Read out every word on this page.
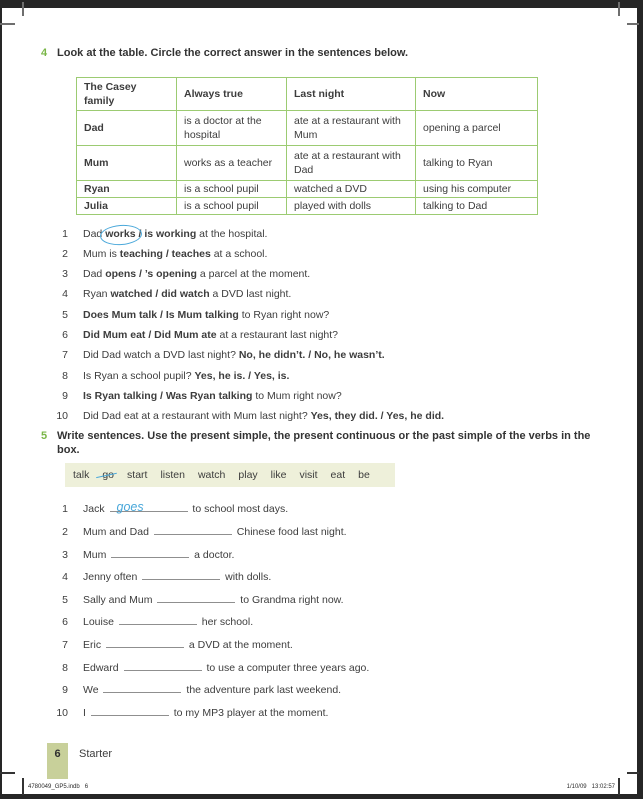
4 Look at the table. Circle the correct answer in the sentences below.
The Casey family	Always true	Last night	Now
Dad	is a doctor at the hospital	ate at a restaurant with Mum	opening a parcel
Mum	works as a teacher	ate at a restaurant with Dad	talking to Ryan
Ryan	is a school pupil	watched a DVD	using his computer
Julia	is a school pupil	played with dolls	talking to Dad
1 Dad works / is working at the hospital.
2 Mum is teaching / teaches at a school.
3 Dad opens / ’s opening a parcel at the moment.
4 Ryan watched / did watch a DVD last night.
5 Does Mum talk / Is Mum talking to Ryan right now?
6 Did Mum eat / Did Mum ate at a restaurant last night?
7 Did Dad watch a DVD last night? No, he didn’t. / No, he wasn’t.
8 Is Ryan a school pupil? Yes, he is. / Yes, is.
9 Is Ryan talking / Was Ryan talking to Mum right now?
10 Did Dad eat at a restaurant with Mum last night? Yes, they did. / Yes, he did.
5 Write sentences. Use the present simple, the present continuous or the past simple of the verbs in the box.
talk go start listen watch play like visit eat be
1 Jack goes	to school most days.
2 Mum and Dad	Chinese food last night.
3 Mum	a doctor.
4 Jenny often	with dolls.
5 Sally and Mum	to Grandma right now.
6 Louise	her school.
7 Eric	a DVD at the moment.
8 Edward	to use a computer three years ago.
9 We	the adventure park last weekend.
10 I	to my MP3 player at the moment.
6 Starter
4780049_GP5.indb   6	1/10/09   13:02:57
